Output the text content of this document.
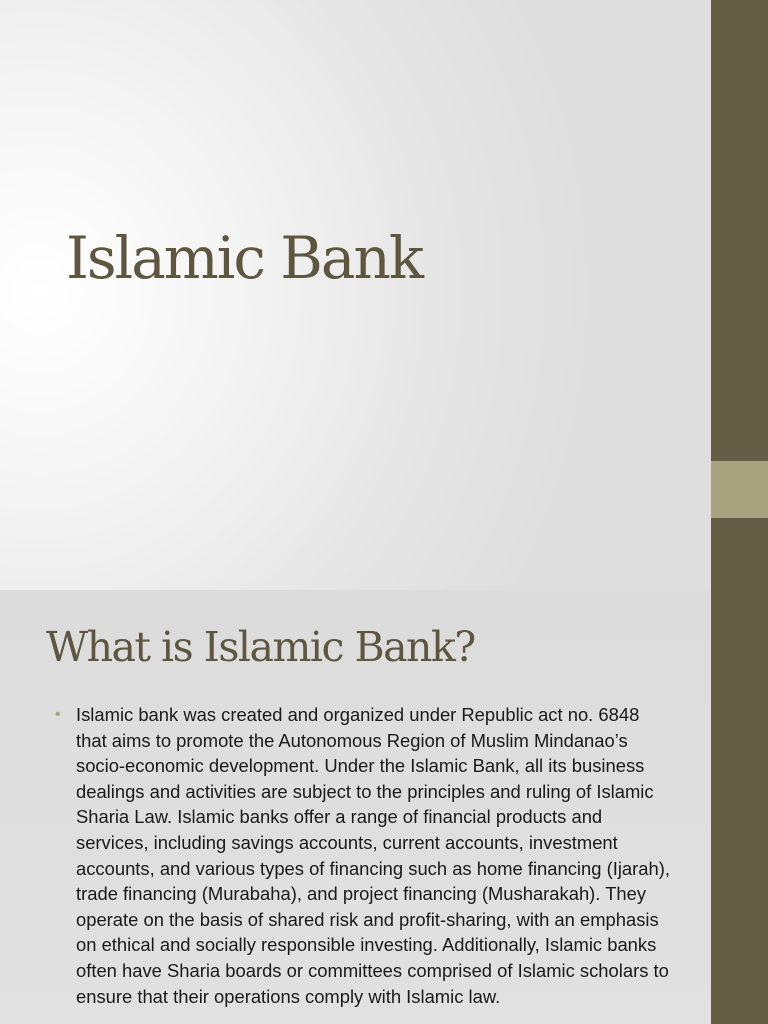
Islamic Bank
What is Islamic Bank?
• Islamic bank was created and organized under Republic act no. 6848 that aims to promote the Autonomous Region of Muslim Mindanao’s socio-economic development. Under the Islamic Bank, all its business dealings and activities are subject to the principles and ruling of Islamic Sharia Law. Islamic banks offer a range of financial products and services, including savings accounts, current accounts, investment accounts, and various types of financing such as home financing (Ijarah), trade financing (Murabaha), and project financing (Musharakah). They operate on the basis of shared risk and profit-sharing, with an emphasis on ethical and socially responsible investing. Additionally, Islamic banks often have Sharia boards or committees comprised of Islamic scholars to ensure that their operations comply with Islamic law.
